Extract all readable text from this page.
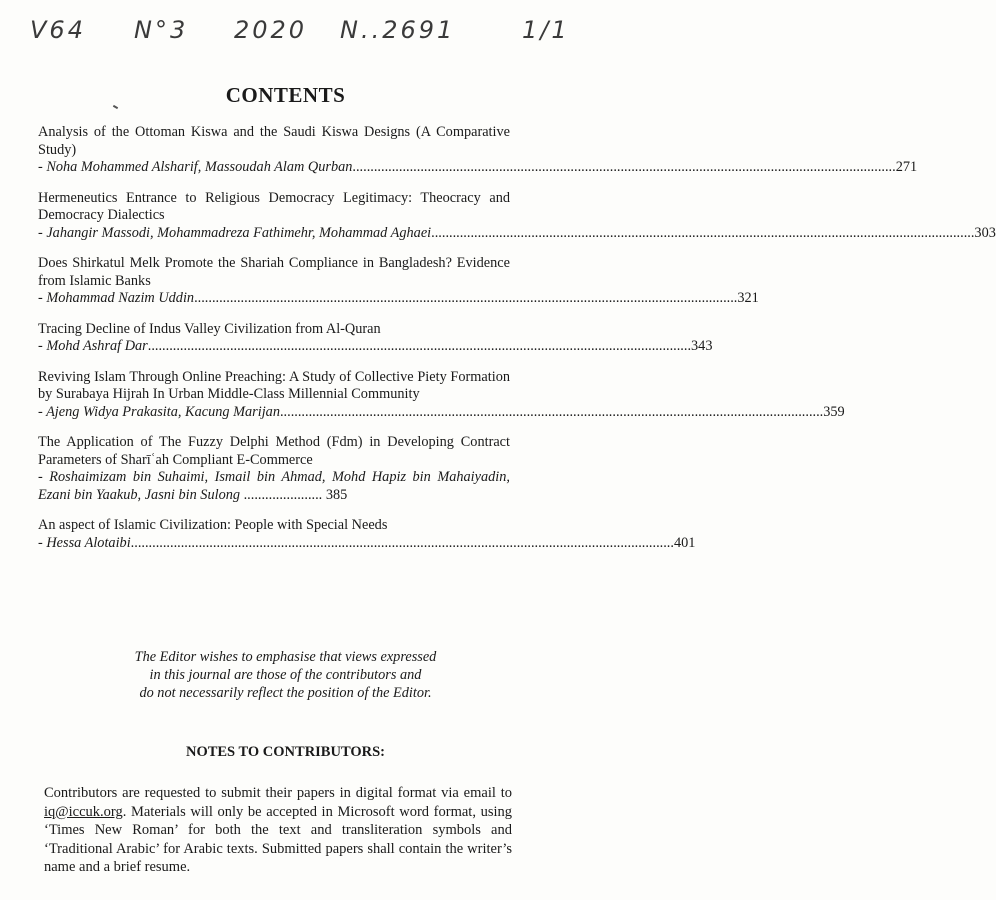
V64 N°3 2020 N..2691	1/1
CONTENTS
Analysis of the Ottoman Kiswa and the Saudi Kiswa Designs (A Comparative Study)
- Noha Mohammed Alsharif, Massoudah Alam Qurban .....	271
Hermeneutics Entrance to Religious Democracy Legitimacy: Theocracy and Democracy Dialectics
- Jahangir Massodi, Mohammadreza Fathimehr, Mohammad Aghaei .....	303
Does Shirkatul Melk Promote the Shariah Compliance in Bangladesh? Evidence from Islamic Banks
- Mohammad Nazim Uddin .....	321
Tracing Decline of Indus Valley Civilization from Al-Quran
- Mohd Ashraf Dar .....	343
Reviving Islam Through Online Preaching: A Study of Collective Piety Formation by Surabaya Hijrah In Urban Middle-Class Millennial Community
- Ajeng Widya Prakasita, Kacung Marijan .....	359
The Application of The Fuzzy Delphi Method (Fdm) in Developing Contract Parameters of Sharīʿah Compliant E-Commerce
- Roshaimizam bin Suhaimi, Ismail bin Ahmad, Mohd Hapiz bin Mahaiyadin, Ezani bin Yaakub, Jasni bin Sulong ...................... 385
An aspect of Islamic Civilization: People with Special Needs
- Hessa Alotaibi .....	401
The Editor wishes to emphasise that views expressed
in this journal are those of the contributors and
do not necessarily reflect the position of the Editor.
NOTES TO CONTRIBUTORS:
Contributors are requested to submit their papers in digital format via email to iq@iccuk.org. Materials will only be accepted in Microsoft word format, using ‘Times New Roman’ for both the text and transliteration symbols and ‘Traditional Arabic’ for Arabic texts. Submitted papers shall contain the writer’s name and a brief resume.
